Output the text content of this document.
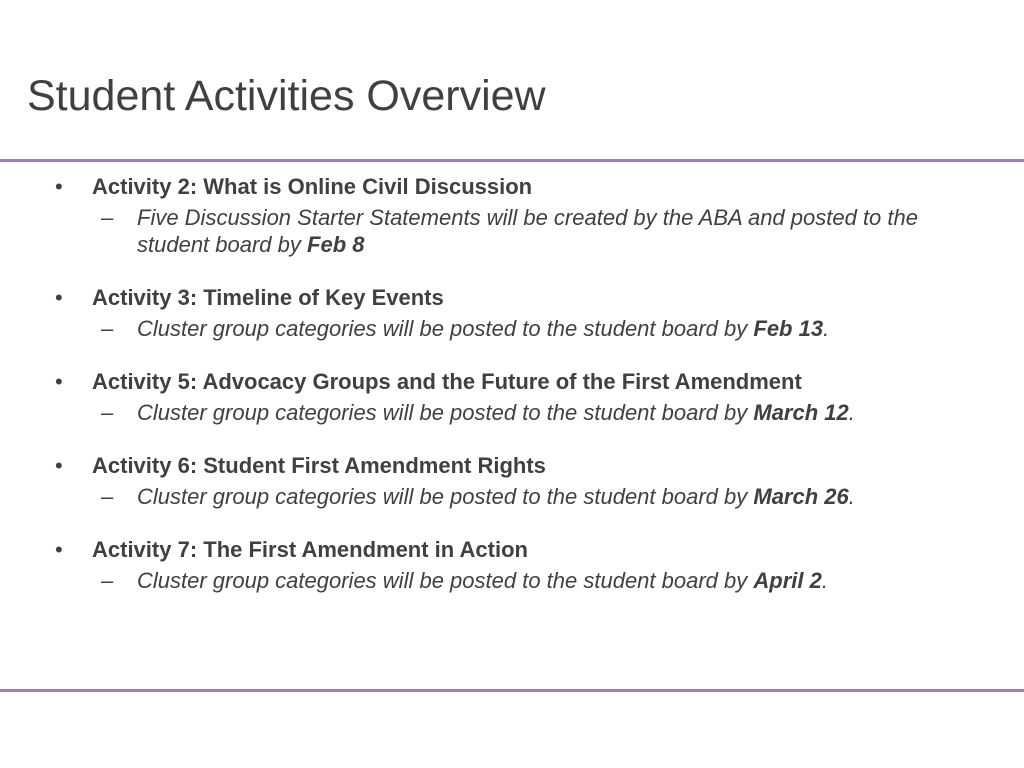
Student Activities Overview
•	Activity 2: What is Online Civil Discussion
– Five Discussion Starter Statements will be created by the ABA and posted to the student board by Feb 8
•	Activity 3: Timeline of Key Events
– Cluster group categories will be posted to the student board by Feb 13.
•	Activity 5: Advocacy Groups and the Future of the First Amendment
– Cluster group categories will be posted to the student board by March 12.
•	Activity 6: Student First Amendment Rights
– Cluster group categories will be posted to the student board by March 26.
•	Activity 7: The First Amendment in Action
– Cluster group categories will be posted to the student board by April 2.
